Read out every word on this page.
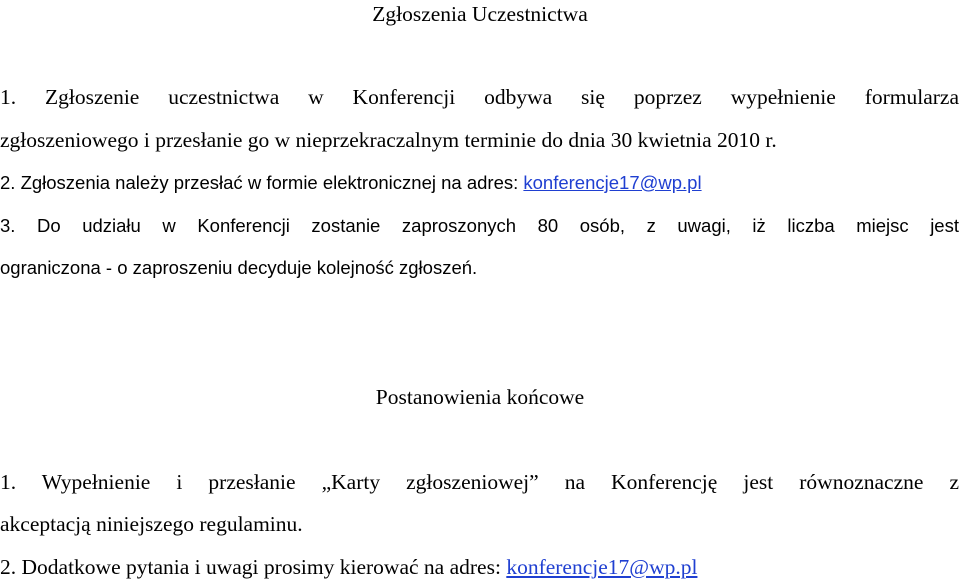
Zgłoszenia Uczestnictwa
1. Zgłoszenie uczestnictwa w Konferencji odbywa się poprzez wypełnienie formularza
zgłoszeniowego i przesłanie go w nieprzekraczalnym terminie do dnia 30 kwietnia 2010 r.
2. Zgłoszenia należy przesłać w formie elektronicznej na adres: konferencje17@wp.pl
3. Do udziału w Konferencji zostanie zaproszonych 80 osób, z uwagi, iż liczba miejsc jest
ograniczona - o zaproszeniu decyduje kolejność zgłoszeń.
Postanowienia końcowe
1. Wypełnienie i przesłanie „Karty zgłoszeniowej” na Konferencję jest równoznaczne z
akceptacją niniejszego regulaminu.
2. Dodatkowe pytania i uwagi prosimy kierować na adres: konferencje17@wp.pl
